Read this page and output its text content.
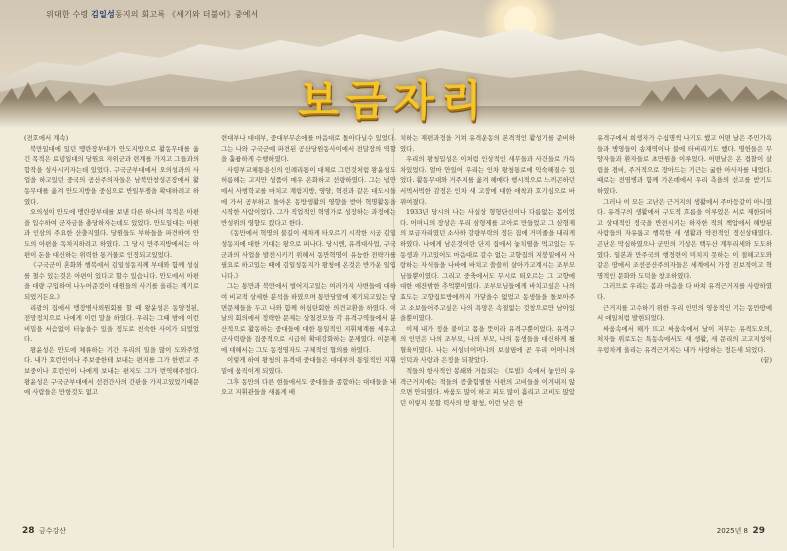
위대한 수령 김일성동지의 회고록 《세기와 더불어》중에서
보금자리

(전호에서 계속)

북만일대에 있던 맹란장부대가 안도지방으로 활동무대를 옮긴 목적은 료녕일대의 당원요 자위군과 련계를 가지고 그들과의 합작을 성사시키자는데 있었다. 구국군부대에서 오의성과의 사업을 하고있던 중국의 공산주의자들은 남북만창성곤장에서 활동무대를 옮겨 안도지방을 중심으로 반일투쟁을 확대하려고 하였다.

오의성이 안도에 맹란장부대를 보낸 다른 하나의 목적은 아편을 입수하여 군자금을 충당하자는데도 있었다. 안도일대는 아편과 인삼의 주요한 산출지였다. 당원들도 부하들을 파견하여 안도의 아편을 독차지하려고 하였다. 그 당시 만주지방에서는 아편이 돈을 대신하는 위력한 통거물로 인정되고있었다.

《구국군이 혼화와 행복에서 김일성동지께 부대와 함께 성실를 철수 있는것은 아편이 있다고 할수 있습니다. 안도에서 아편을 대량 구입하여 나누어준것이 대원들의 사기를 올리는 계기로 되었거든요.》

리광의 집에서 맹장병사뢰원회를 할 때 왕윤성은 동양정된, 전망정치으로 나에게 이런 말을 하였다. 우리는 그때 밤에 이런 비밀을 서슴없이 터놓을수 있을 정도로 친숙한 사이가 되었었다.

왕윤성은 안도에 체류하는 기간 우리의 일을 많이 도와주었다. 내가 호런인이나 주보중한테 보내는 편지를 그가 한번고 주보중이나 호런인이 나에게 보내는 편지도 그가 번역해주었다. 왕윤성은 구국군부대에서 선전간사의 간판을 가지고있었기때문에 사람들은 만항것도 없고

련대부나 대대부, 중대부무손에를 마음대로 돌아다닐수 있었다. 그는 나와 구국군에 파견된 공산당원동사이에서 전달장의 역할을 훌륭하게 수행하였다.

사령부교체통용신의 인례리통이 대체로 그런것처럼 왕윤성도 허름해는 고지만 성품이 매우 온화하고 선량하였다. 그는 넋안에서 사범학교를 마치고 계림지방, 영양, 혁진과 같은 대도시들에 가서 공부하고 돌아온 동방생활의 영향을 받아 혁명활동을 시작한 사람이었다. 그가 직업적인 혁명가로 성장하는 과정에는 반성위의 영향도 컸다고 한다.

《동만에서 혁명의 불길이 세차게 타오르기 시작한 시궁 김일성동지에 대한 거대는 왕으로 퍼나다. 당시엔, 유격대사업, 구국군과의 사업을 발전시키기 위해서 동만혁명이 유능한 전략가를 필요로 하고있는 때에 김일성동지가 왕청에 온것은 반가운 일입니다.》

그는 통만과 북만에서 벌어지고있는 여러가지 사변들에 대하여 비교적 상세한 분석을 하였으며 통만당앞에 제기되고있는 당면문제들을 두고 나와 함께 허심탄회한 의견교환을 하였다. 이날의 회의에서 정략한 문제는 상첨전모들 각 유격구역들에서 분산적으로 활동하는 중대들에 대한 통일적인 지휘체계를 세우고 군사력량을 집중적으로 시급히 확대강화하는 문제였다. 이문제에 대해서는 그도 동정영자도 구체적인 협의를 하였다.

이렇게 하여 왕청의 유격대 중대들은 대대부의 통일적인 지휘밑에 움직이게 되였다.

그후 동만의 다른 현들에서도 중대들을 종합하는 대대들을 내오고 지휘관들을 새롭게 배

치하는 재편과정을 거쳐 유격운동의 본격적인 활성기를 준비하였다.

우리의 왕청입성은 이처럼 인상적인 새무들과 사건들로 가득차있었다. 얼마 안있어 우리는 인차 왕청통로에 익숙해질수 있었다. 활동무대와 거주지를 옮겨 헤매다 행시적으로 느끼곤하던 서먹서먹한 감정은 인차 새 고장에 대한 애착과 호기심으로 바뀌여졌다.

1933년 당시의 나는 사실상 형형단신이나 다름없는 몸이었다. 어머니의 장상은 우리 삼형제를 고아로 만들었고 그 삼형제의 보금자리였던 소사하 강량부락의 정든 집에 거미줄을 내리게 하였다. 나에게 남은것이란 단지 집에서 놓치떨을 먹고있는 두 동생과 가고있어도 마음대로 갈수 없는 고향집의 지붕밑에서 사랑하는 자식들을 나바에 바치고 쓸쓸히 살아가고계시는 조부모님들뿐이였다. 그리고 중축에서도 무시로 떠오르는 그 고향에 대한 애잔밖한 추억뿐이였다. 조부모님들에게 바치고싶은 나의 효도는 고향집토방에까지 가닿을수 없었고 동생들을 돌보아주고 소보들어주고싶은 나의 욕망은 속절없는 것창으로만 남아있을뿐이였다.

이제 내가 정을 붙이고 몸을 뜻이라 유격구뿐이었다. 유격구의 인민은 나의 조부모, 나의 부모, 나의 동생들을 대신하게 될 혈육이였다. 나는 서성너어머니의 보살핌에 곧 우리 어머니의 인덕과 사랑과 은정을 되찾았다.

적들의 항사적인 봉쇄와 거듭되는 《토벌》속에서 놓인의 유격근거지에는 적들의 증출힘별한 사편의 고비들을 이겨내지 않으면 안되였다. 싸움도 많이 하고 피도 많이 흘리고 고비도 많았던 이렇지 못할 력사의 땅 왕청, 이런 낮은 한

유격구에서 희생자가 수십명씩 나기도 했고 어떤 날은 주민가옥들과 병영들이 송재역이나 불에 타버리기도 했다. 명헌들은 무양자들과 환자들로 초만원을 이루었다. 어떤날은 온 겹찰이 살림을 겸비, 주거적으로 장아드는 기근는 굶한 아사자를 내었다. 때로는 전염병과 함께 가온뎨에서 우리 측을의 선고를 받기도 하였다.

그러나 이 모든 고난은 근거지의 생활에서 주마등같이 아니였다. 유격구의 생활에서 구도적 흐름을 이루었은 서로 제한되어고 상대적인 정국을 반전시키는 하자한 적의 책압에서 해방된 사람들의 자유롭고 행복한 새 생활과 약전적인 정신상태였다. 곤난은 막심하였으나 군민의 기상은 백두산 계투리세와 도도하였다. 일본과 만주국의 행정련이 미치지 못하는 이 절해고도와 같은 땅에서 조선공산주의자들은 세계에서 가장 진보적이고 혁명적인 문화와 도덕을 창조하였다.

그러므로 우리는 봄과 마음을 다 바쳐 유격근거지를 사랑하였다.

근거지를 고수하기 위한 우리 인민의 영웅적인 기는 동만땅에서 애일처럼 발현되었다.

싸움속에서 해가 뜨고 싸움속에서 날이 저무는 유격도오의, 처자들 위로도는 특동속에서도 새 생활, 새 문리의 고고지성이 우렁차게 울리는 유격근거지는 내가 사랑하는 정든새 되었다.

(끝)

28 금수강산	2025년 8 29
